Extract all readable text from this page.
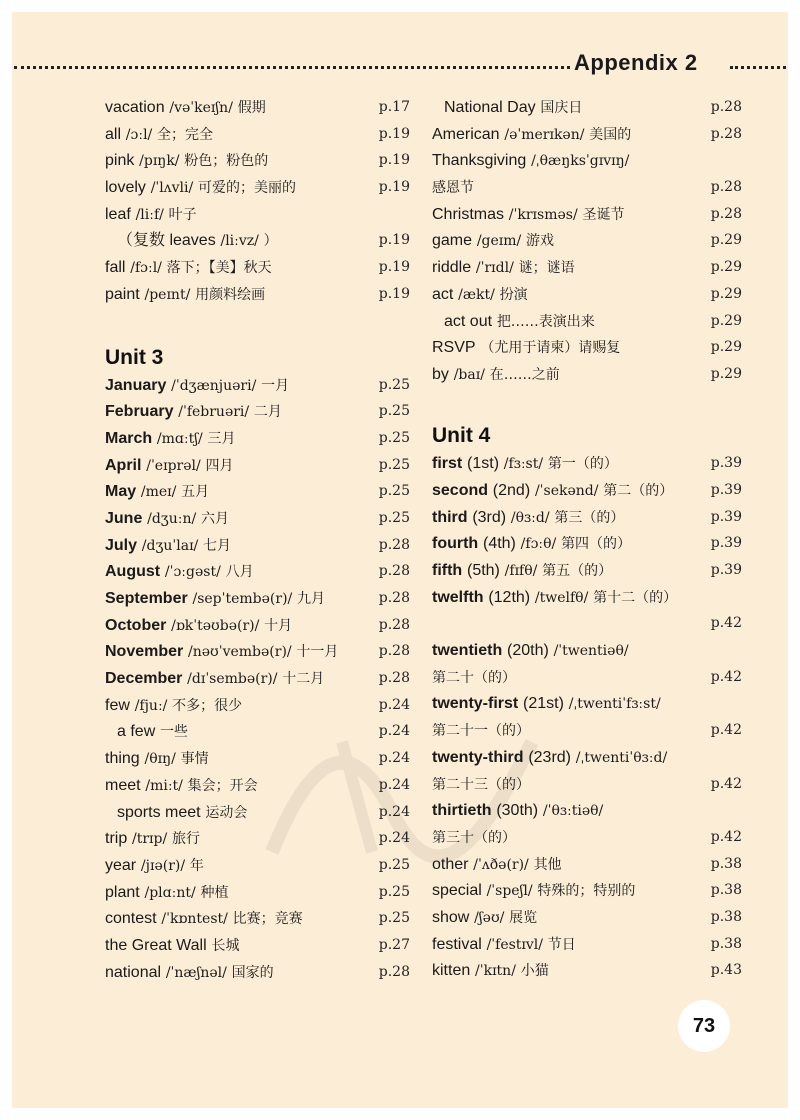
Appendix 2
vacation /vəˈkeɪʃn/ 假期	p.17
all /ɔːl/ 全；完全	p.19
pink /pɪŋk/ 粉色；粉色的	p.19
lovely /ˈlʌvli/ 可爱的；美丽的	p.19
leaf /liːf/ 叶子
（复数 leaves /liːvz/ ）	p.19
fall /fɔːl/ 落下；【美】秋天	p.19
paint /peɪnt/ 用颜料绘画	p.19
Unit 3
January /ˈdʒænjuəri/ 一月	p.25
February /ˈfebruəri/ 二月	p.25
March /mɑːtʃ/ 三月	p.25
April /ˈeɪprəl/ 四月	p.25
May /meɪ/ 五月	p.25
June /dʒuːn/ 六月	p.25
July /dʒuˈlaɪ/ 七月	p.28
August /ˈɔːgəst/ 八月	p.28
September /sepˈtembə(r)/ 九月	p.28
October /ɒkˈtəʊbə(r)/ 十月	p.28
November /nəʊˈvembə(r)/ 十一月	p.28
December /dɪˈsembə(r)/ 十二月	p.28
few /fjuː/ 不多；很少	p.24
a few 一些	p.24
thing /θɪŋ/ 事情	p.24
meet /miːt/ 集会；开会	p.24
sports meet 运动会	p.24
trip /trɪp/ 旅行	p.24
year /jɪə(r)/ 年	p.25
plant /plɑːnt/ 种植	p.25
contest /ˈkɒntest/ 比赛；竞赛	p.25
the Great Wall 长城	p.27
national /ˈnæʃnəl/ 国家的	p.28
National Day 国庆日	p.28
American /əˈmerɪkən/ 美国的	p.28
Thanksgiving /ˌθæŋksˈgɪvɪŋ/
感恩节	p.28
Christmas /ˈkrɪsməs/ 圣诞节	p.28
game /geɪm/ 游戏	p.29
riddle /ˈrɪdl/ 谜；谜语	p.29
act /ækt/ 扮演	p.29
act out 把……表演出来	p.29
RSVP （尤用于请柬）请赐复	p.29
by /baɪ/ 在……之前	p.29
Unit 4
first (1st) /fɜːst/ 第一（的）	p.39
second (2nd) /ˈsekənd/ 第二（的）	p.39
third (3rd) /θɜːd/ 第三（的）	p.39
fourth (4th) /fɔːθ/ 第四（的）	p.39
fifth (5th) /fɪfθ/ 第五（的）	p.39
twelfth (12th) /twelfθ/ 第十二（的）
p.42
twentieth (20th) /ˈtwentiəθ/
第二十（的）	p.42
twenty-first (21st) /ˌtwentiˈfɜːst/
第二十一（的）	p.42
twenty-third (23rd) /ˌtwentiˈθɜːd/
第二十三（的）	p.42
thirtieth (30th) /ˈθɜːtiəθ/
第三十（的）	p.42
other /ˈʌðə(r)/ 其他	p.38
special /ˈspeʃl/ 特殊的；特别的	p.38
show /ʃəʊ/ 展览	p.38
festival /ˈfestɪvl/ 节日	p.38
kitten /ˈkɪtn/ 小猫	p.43
73
